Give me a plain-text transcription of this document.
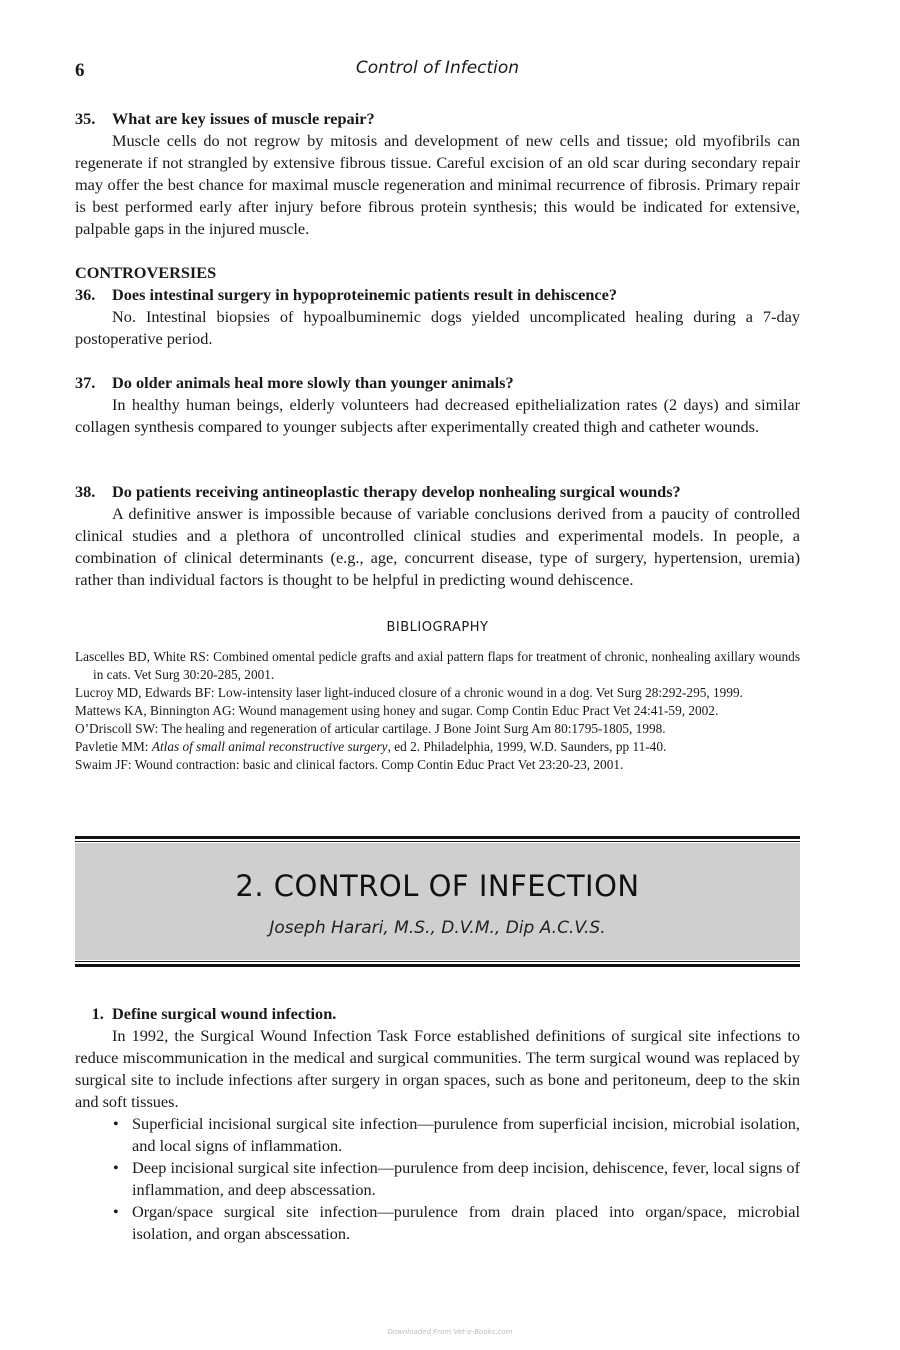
6	Control of Infection

35. What are key issues of muscle repair?

Muscle cells do not regrow by mitosis and development of new cells and tissue; old myofibrils can regenerate if not strangled by extensive fibrous tissue. Careful excision of an old scar during secondary repair may offer the best chance for maximal muscle regeneration and minimal recurrence of fibrosis. Primary repair is best performed early after injury before fibrous protein synthesis; this would be indicated for extensive, palpable gaps in the injured muscle.

CONTROVERSIES

36. Does intestinal surgery in hypoproteinemic patients result in dehiscence?

No. Intestinal biopsies of hypoalbuminemic dogs yielded uncomplicated healing during a 7-day postoperative period.

37. Do older animals heal more slowly than younger animals?

In healthy human beings, elderly volunteers had decreased epithelialization rates (2 days) and similar collagen synthesis compared to younger subjects after experimentally created thigh and catheter wounds.

38. Do patients receiving antineoplastic therapy develop nonhealing surgical wounds?

A definitive answer is impossible because of variable conclusions derived from a paucity of controlled clinical studies and a plethora of uncontrolled clinical studies and experimental models. In people, a combination of clinical determinants (e.g., age, concurrent disease, type of surgery, hypertension, uremia) rather than individual factors is thought to be helpful in predicting wound dehiscence.

BIBLIOGRAPHY

Lascelles BD, White RS: Combined omental pedicle grafts and axial pattern flaps for treatment of chronic, nonhealing axillary wounds in cats. Vet Surg 30:20-285, 2001.

Lucroy MD, Edwards BF: Low-intensity laser light-induced closure of a chronic wound in a dog. Vet Surg 28:292-295, 1999.

Mattews KA, Binnington AG: Wound management using honey and sugar. Comp Contin Educ Pract Vet 24:41-59, 2002.

O’Driscoll SW: The healing and regeneration of articular cartilage. J Bone Joint Surg Am 80:1795-1805, 1998.

Pavletie MM: Atlas of small animal reconstructive surgery, ed 2. Philadelphia, 1999, W.D. Saunders, pp 11-40.

Swaim JF: Wound contraction: basic and clinical factors. Comp Contin Educ Pract Vet 23:20-23, 2001.

2. CONTROL OF INFECTION
Joseph Harari, M.S., D.V.M., Dip A.C.V.S.

1. Define surgical wound infection.

In 1992, the Surgical Wound Infection Task Force established definitions of surgical site infections to reduce miscommunication in the medical and surgical communities. The term surgical wound was replaced by surgical site to include infections after surgery in organ spaces, such as bone and peritoneum, deep to the skin and soft tissues.

• Superficial incisional surgical site infection—purulence from superficial incision, microbial isolation, and local signs of inflammation.
• Deep incisional surgical site infection—purulence from deep incision, dehiscence, fever, local signs of inflammation, and deep abscessation.
• Organ/space surgical site infection—purulence from drain placed into organ/space, microbial isolation, and organ abscessation.
Downloaded From Vet-e-Books.com
